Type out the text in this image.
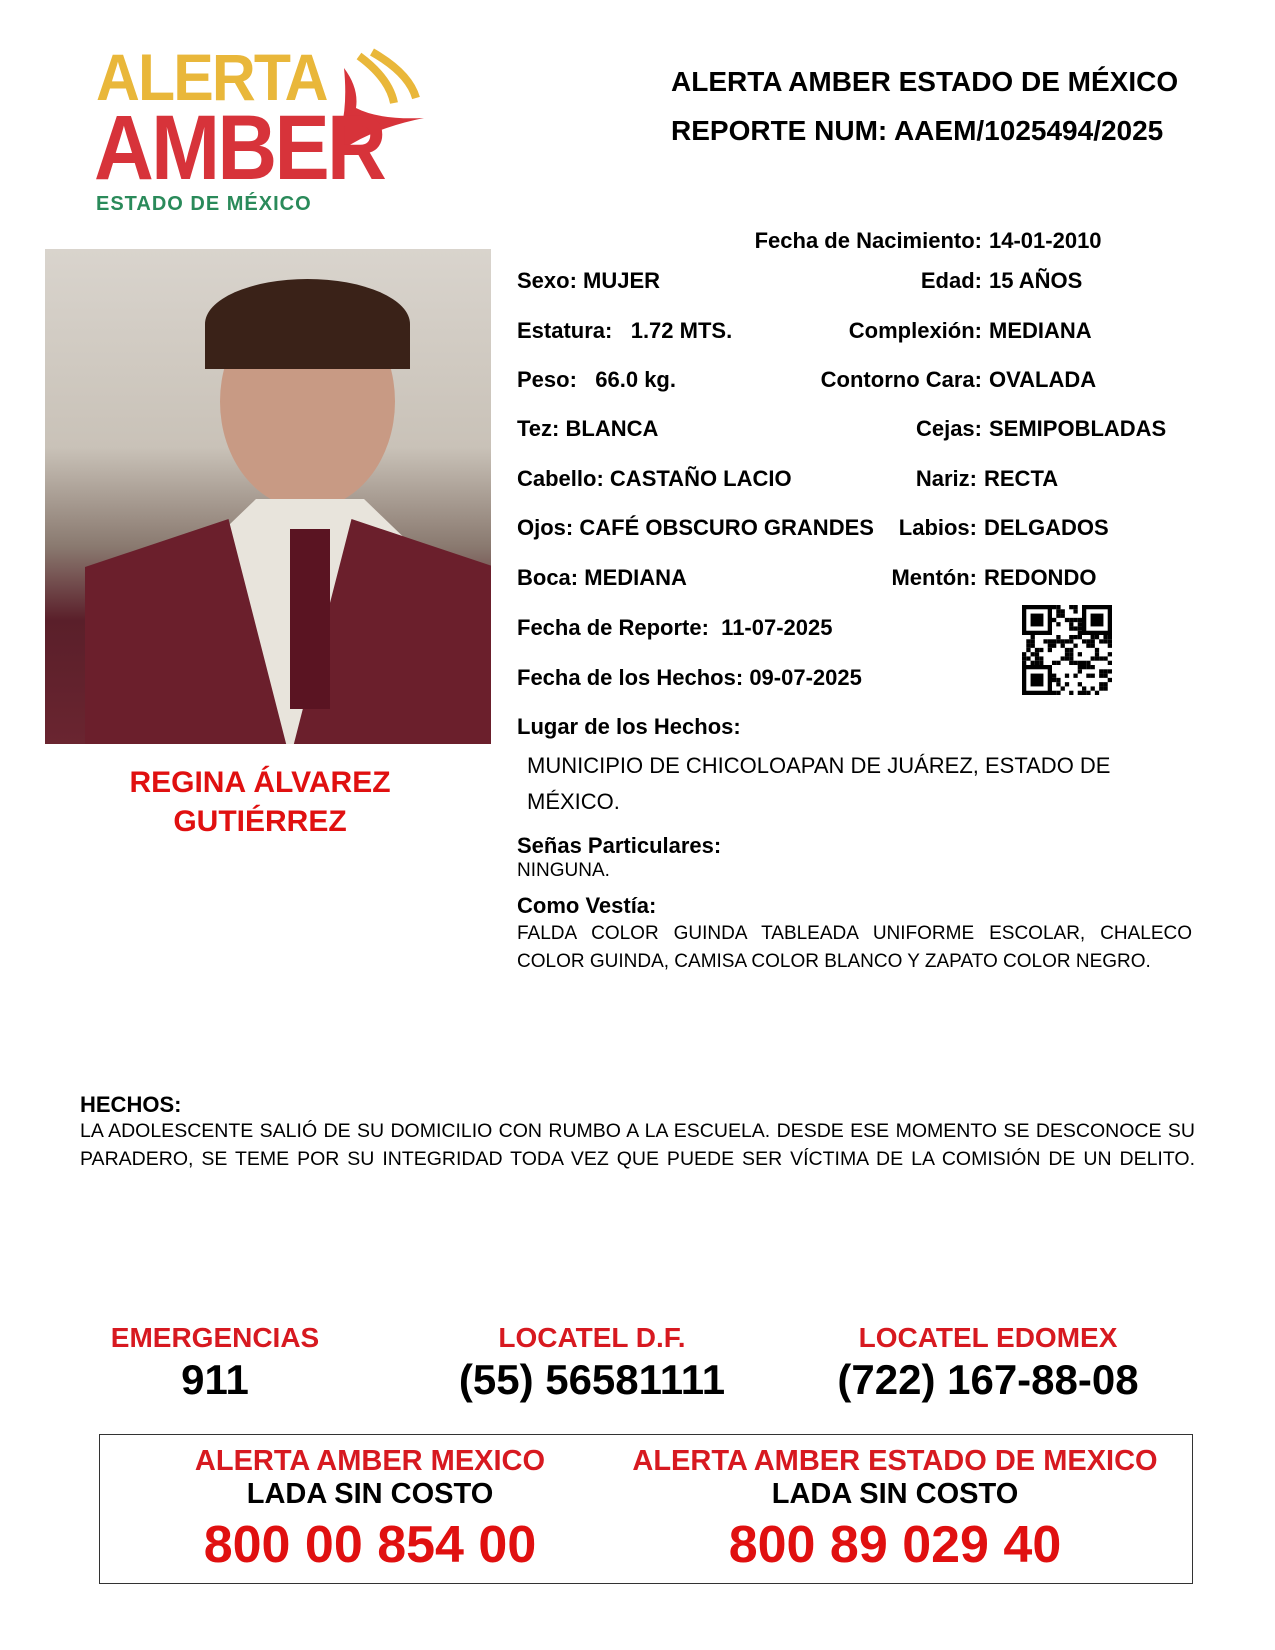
ALERTA
AMBER
ESTADO DE MÉXICO
ALERTA AMBER ESTADO DE MÉXICO
REPORTE NUM: AAEM/1025494/2025
REGINA ÁLVAREZ
GUTIÉRREZ
Fecha de Nacimiento: 14-01-2010
Sexo: MUJER	Edad: 15 AÑOS
Estatura: 1.72 MTS.	Complexión: MEDIANA
Peso: 66.0 kg.	Contorno Cara: OVALADA
Tez: BLANCA	Cejas: SEMIPOBLADAS
Cabello: CASTAÑO LACIO	Nariz: RECTA
Ojos: CAFÉ OBSCURO GRANDES	Labios: DELGADOS
Boca: MEDIANA	Mentón: REDONDO
Fecha de Reporte: 11-07-2025
Fecha de los Hechos: 09-07-2025
Lugar de los Hechos:
MUNICIPIO DE CHICOLOAPAN DE JUÁREZ, ESTADO DE MÉXICO.
Señas Particulares:
NINGUNA.
Como Vestía:
FALDA COLOR GUINDA TABLEADA UNIFORME ESCOLAR, CHALECO COLOR GUINDA, CAMISA COLOR BLANCO Y ZAPATO COLOR NEGRO.
HECHOS:
LA ADOLESCENTE SALIÓ DE SU DOMICILIO CON RUMBO A LA ESCUELA. DESDE ESE MOMENTO SE DESCONOCE SU PARADERO, SE TEME POR SU INTEGRIDAD TODA VEZ QUE PUEDE SER VÍCTIMA DE LA COMISIÓN DE UN DELITO.
EMERGENCIAS
911
LOCATEL D.F.
(55) 56581111
LOCATEL EDOMEX
(722) 167-88-08
ALERTA AMBER MEXICO
LADA SIN COSTO
800 00 854 00
ALERTA AMBER ESTADO DE MEXICO
LADA SIN COSTO
800 89 029 40
